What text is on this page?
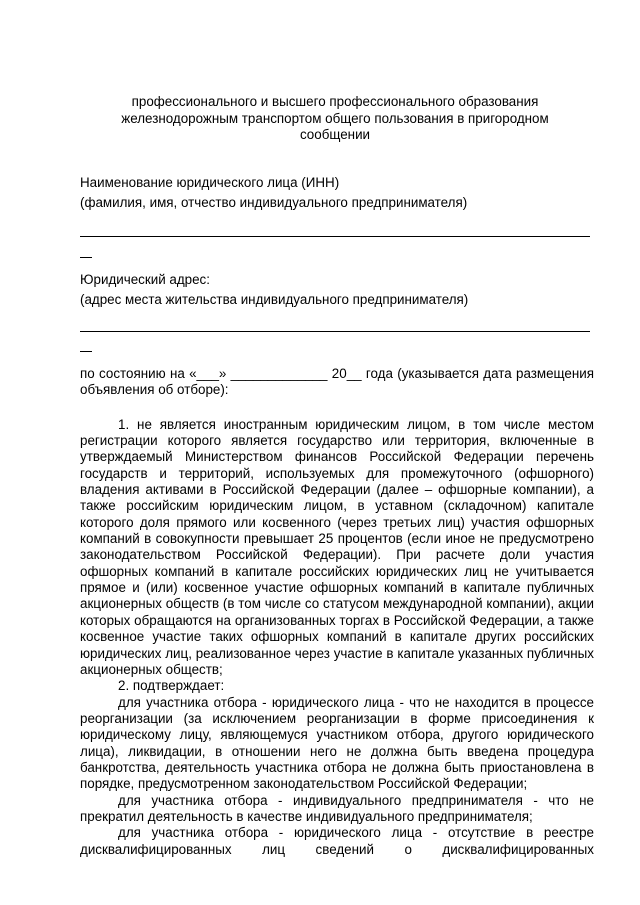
профессионального и высшего профессионального образования
железнодорожным транспортом общего пользования в пригородном
сообщении
Наименование юридического лица (ИНН)
(фамилия, имя, отчество индивидуального предпринимателя)
Юридический адрес:
(адрес места жительства индивидуального предпринимателя)

по состоянию на «___» _____________ 20__ года (указывается дата размещения объявления об отборе):

1. не является иностранным юридическим лицом, в том числе местом регистрации которого является государство или территория, включенные в утверждаемый Министерством финансов Российской Федерации перечень государств и территорий, используемых для промежуточного (офшорного) владения активами в Российской Федерации (далее – офшорные компании), а также российским юридическим лицом, в уставном (складочном) капитале которого доля прямого или косвенного (через третьих лиц) участия офшорных компаний в совокупности превышает 25 процентов (если иное не предусмотрено законодательством Российской Федерации). При расчете доли участия офшорных компаний в капитале российских юридических лиц не учитывается прямое и (или) косвенное участие офшорных компаний в капитале публичных акционерных обществ (в том числе со статусом международной компании), акции которых обращаются на организованных торгах в Российской Федерации, а также косвенное участие таких офшорных компаний в капитале других российских юридических лиц, реализованное через участие в капитале указанных публичных акционерных обществ;

2. подтверждает:

для участника отбора - юридического лица - что не находится в процессе реорганизации (за исключением реорганизации в форме присоединения к юридическому лицу, являющемуся участником отбора, другого юридического лица), ликвидации, в отношении него не должна быть введена процедура банкротства, деятельность участника отбора не должна быть приостановлена в порядке, предусмотренном законодательством Российской Федерации;

для участника отбора - индивидуального предпринимателя - что не прекратил деятельность в качестве индивидуального предпринимателя;

для участника отбора - юридического лица - отсутствие в реестре

дисквалифицированных лиц сведений о дисквалифицированных
